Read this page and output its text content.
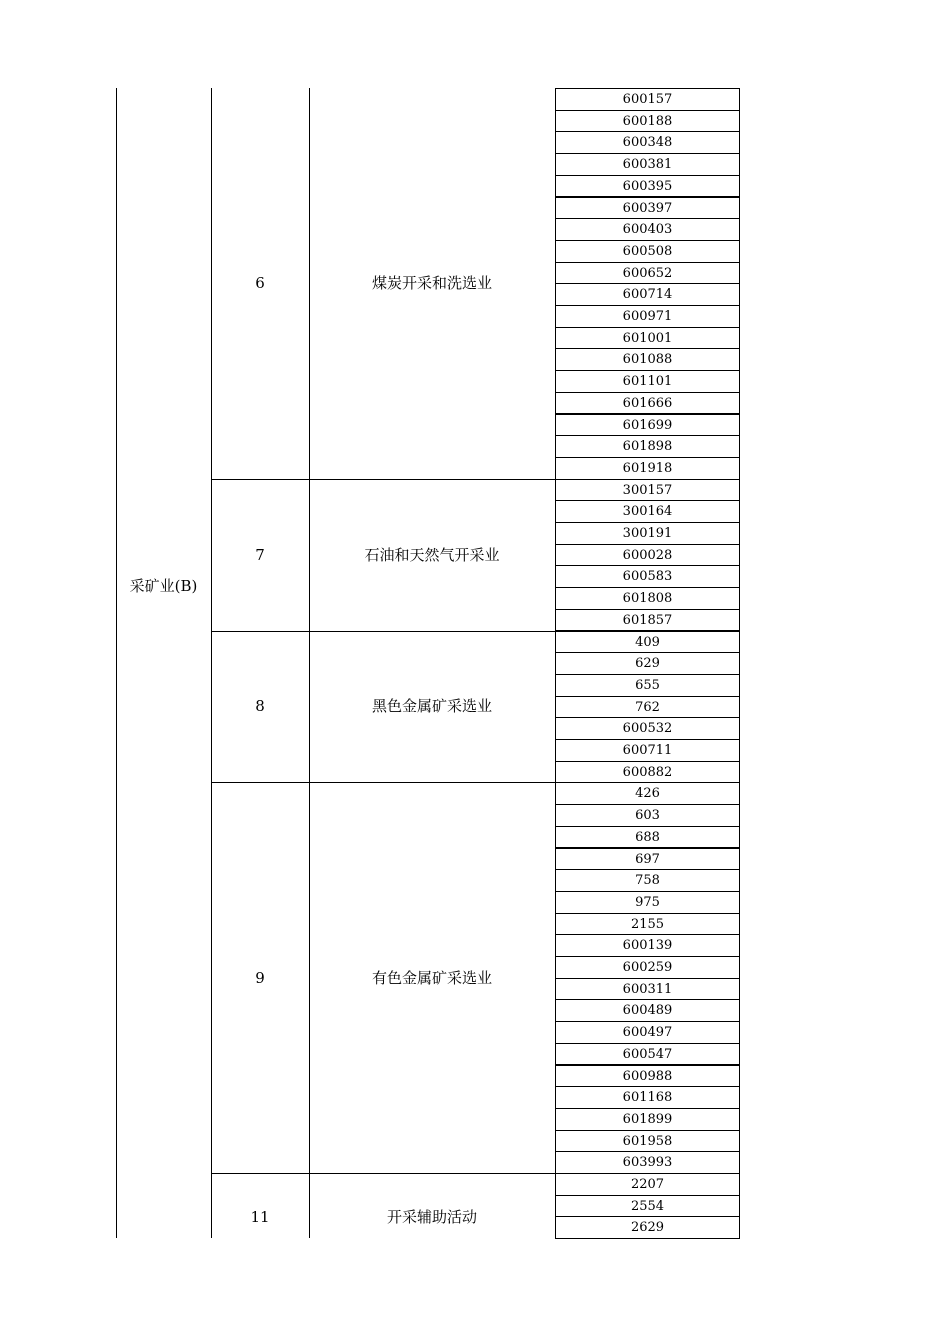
采矿业(B)
6	煤炭开采和洗选业
600157
600188
600348
600381
600395
600397
600403
600508
600652
600714
600971
601001
601088
601101
601666
601699
601898
601918
7	石油和天然气开采业
300157
300164
300191
600028
600583
601808
601857
8	黑色金属矿采选业
409
629
655
762
600532
600711
600882
9	有色金属矿采选业
426
603
688
697
758
975
2155
600139
600259
600311
600489
600497
600547
600988
601168
601899
601958
603993
11	开采辅助活动
2207
2554
2629
